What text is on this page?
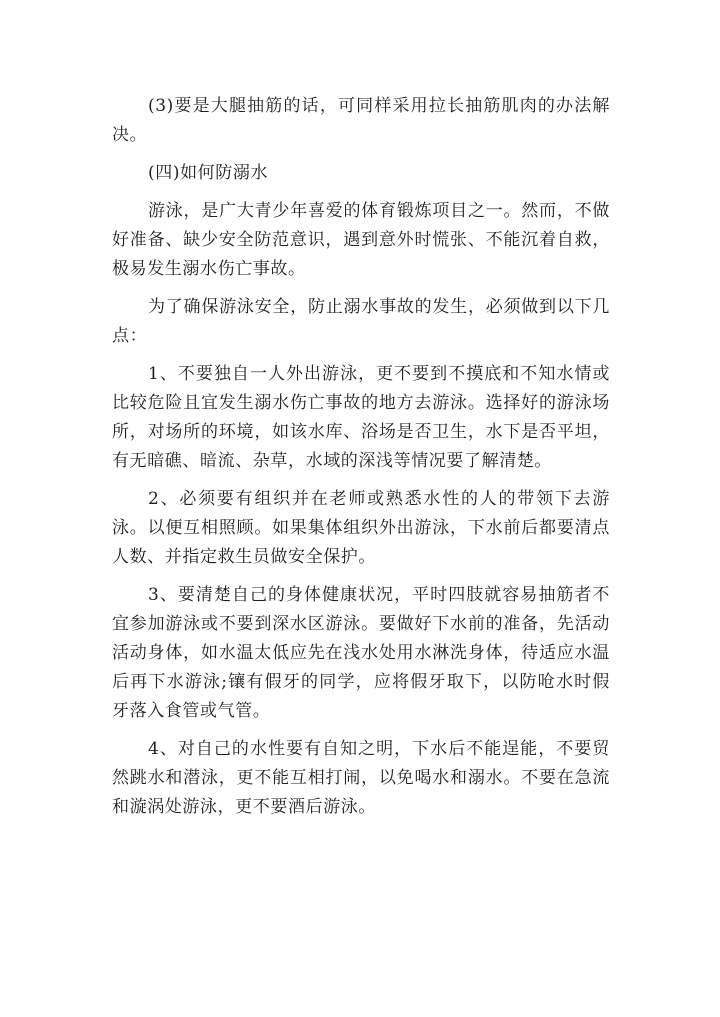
(3)要是大腿抽筋的话，可同样采用拉长抽筋肌肉的办法解决。

(四)如何防溺水

游泳，是广大青少年喜爱的体育锻炼项目之一。然而，不做好准备、缺少安全防范意识，遇到意外时慌张、不能沉着自救，极易发生溺水伤亡事故。

为了确保游泳安全，防止溺水事故的发生，必须做到以下几点：

1、不要独自一人外出游泳，更不要到不摸底和不知水情或比较危险且宜发生溺水伤亡事故的地方去游泳。选择好的游泳场所，对场所的环境，如该水库、浴场是否卫生，水下是否平坦，有无暗礁、暗流、杂草，水域的深浅等情况要了解清楚。

2、必须要有组织并在老师或熟悉水性的人的带领下去游泳。以便互相照顾。如果集体组织外出游泳，下水前后都要清点人数、并指定救生员做安全保护。

3、要清楚自己的身体健康状况，平时四肢就容易抽筋者不宜参加游泳或不要到深水区游泳。要做好下水前的准备，先活动活动身体，如水温太低应先在浅水处用水淋洗身体，待适应水温后再下水游泳;镶有假牙的同学，应将假牙取下，以防呛水时假牙落入食管或气管。

4、对自己的水性要有自知之明，下水后不能逞能，不要贸然跳水和潜泳，更不能互相打闹，以免喝水和溺水。不要在急流和漩涡处游泳，更不要酒后游泳。
